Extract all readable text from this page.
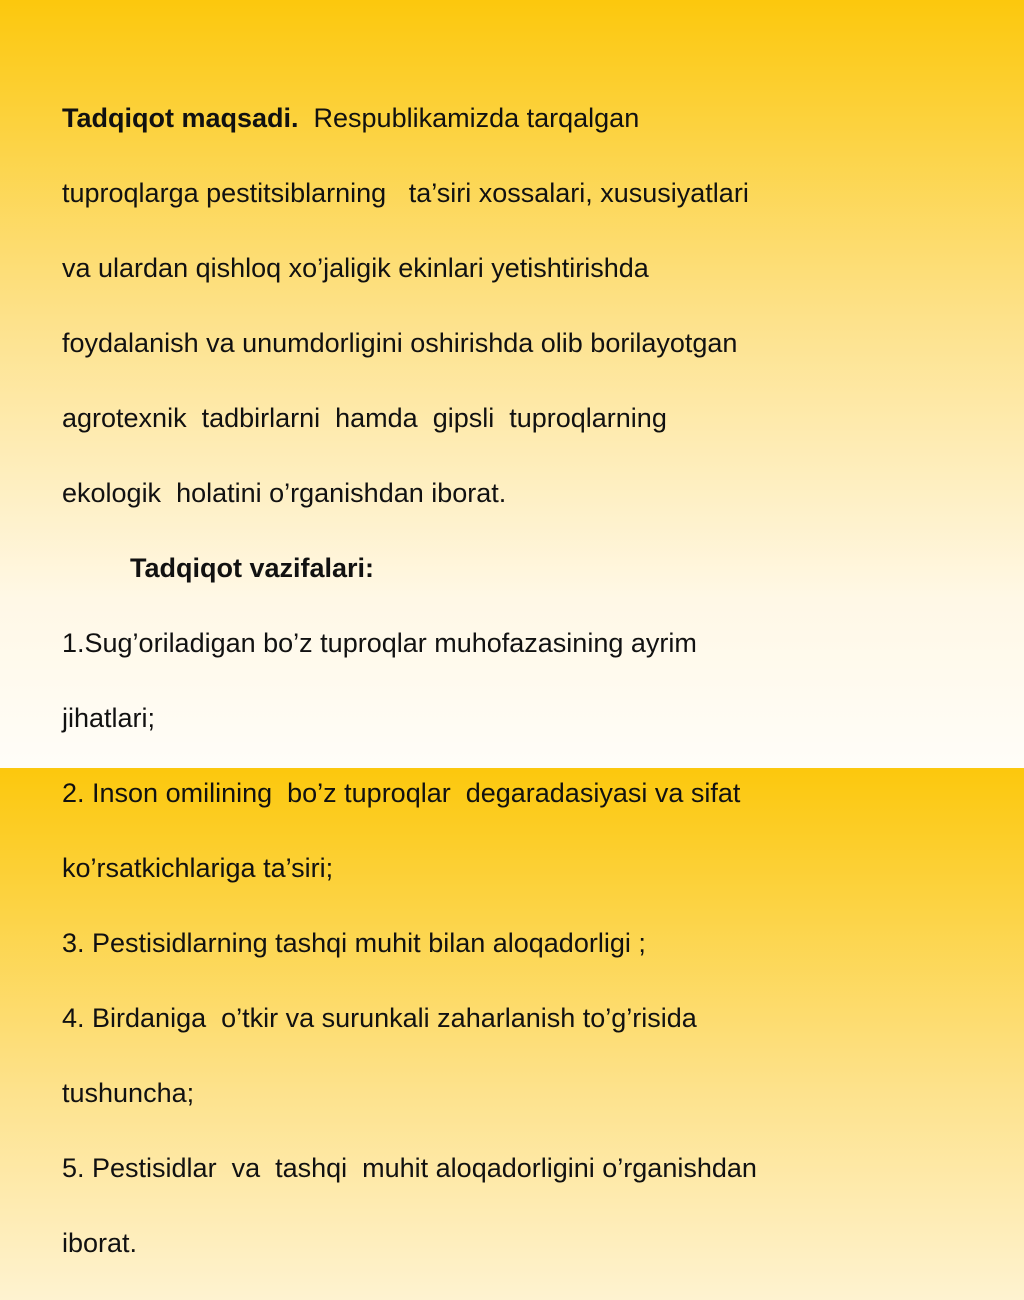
Tadqiqot maqsadi. Respublikamizda tarqalgan

tuproqlarga pestitsiblarning   ta’siri xossalari, xususiyatlari

va ulardan qishloq xo’jaligik ekinlari yetishtirishda

foydalanish va unumdorligini oshirishda olib borilayotgan

agrotexnik  tadbirlarni  hamda  gipsli  tuproqlarning

ekologik  holatini o’rganishdan iborat.

Tadqiqot vazifalari:

1.Sug’oriladigan bo’z tuproqlar muhofazasining ayrim

jihatlari;

2. Inson omilining  bo’z tuproqlar  degaradasiyasi va sifat

ko’rsatkichlariga ta’siri;

3. Pestisidlarning tashqi muhit bilan aloqadorligi ;

4. Birdaniga  o’tkir va surunkali zaharlanish to’g’risida

tushuncha;

5. Pestisidlar  va  tashqi  muhit aloqadorligini o’rganishdan

iborat.
